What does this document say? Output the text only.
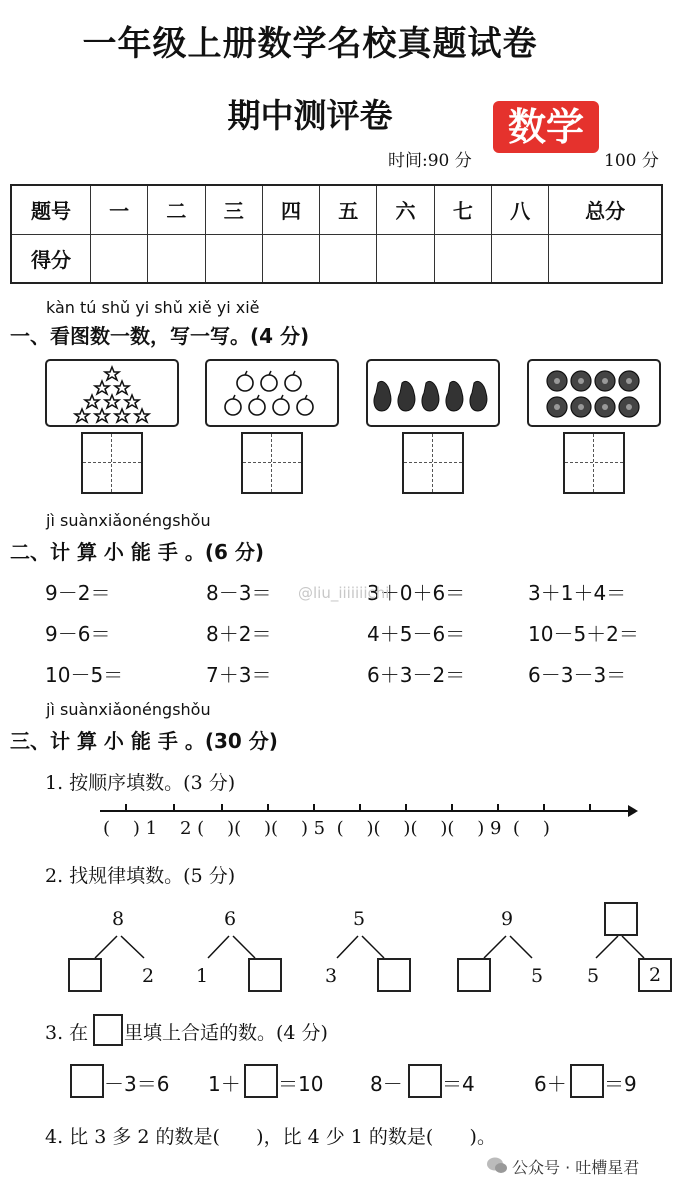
一年级上册数学名校真题试卷
期中测评卷	数学
时间:90 分	100 分
题号	一	二	三	四	五	六	七	八	总分
得分									
kàn tú shǔ yi shǔ xiě yi xiě
一、看图数一数，写一写。(4 分)
jì suànxiǎonéngshǒu
二、计 算 小 能 手 。(6 分)
9－2＝	8－3＝	3＋0＋6＝	3＋1＋4＝
9－6＝	8＋2＝	4＋5－6＝	10－5＋2＝
10－5＝	7＋3＝	6＋3－2＝	6－3－3＝
@liu_iiiiiiichi
jì suànxiǎonéngshǒu
三、计 算 小 能 手 。(30 分)
1. 按顺序填数。(3 分)
(    ) 1    2 (    )(    )(    ) 5  (    )(    )(    )(    ) 9  (    )
2. 找规律填数。(5 分)
8
2
6
1
5
3
9
5 5	2
3. 在 里填上合适的数。(4 分)
－3＝6 1＋ ＝10 8－ ＝4	6＋ ＝9
4. 比 3 多 2 的数是(      )，比 4 少 1 的数是(      )。
公众号 · 吐槽星君
